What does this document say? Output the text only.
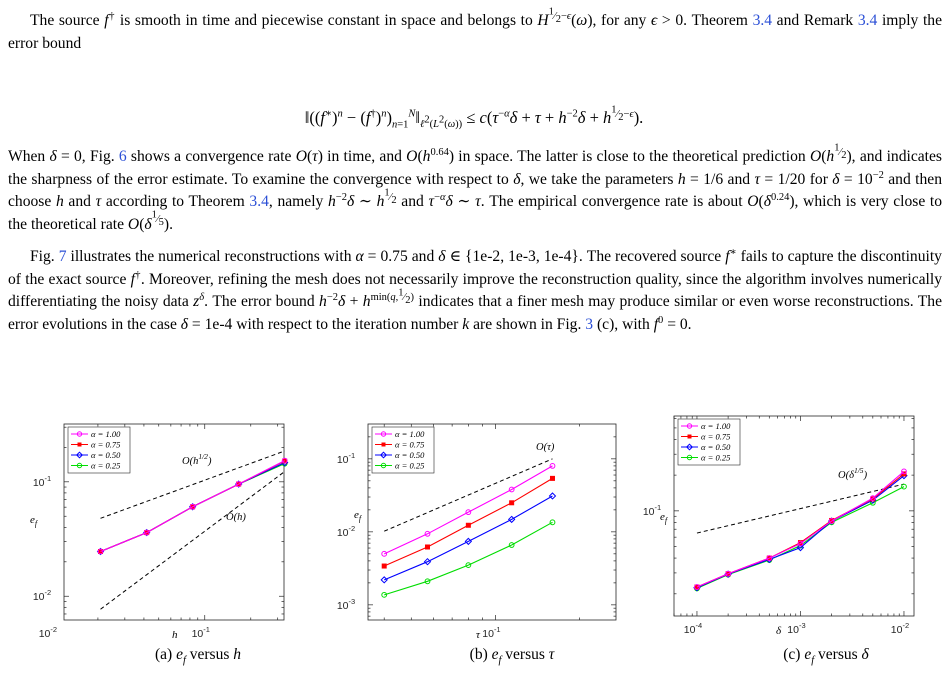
The source f† is smooth in time and piecewise constant in space and belongs to $H^{^1⁄_2-\epsilon}(\omega)$, for any ϵ > 0. Theorem 3.4 and Remark 3.4 imply the error bound

$‖((f^∗)^n$ − $(f^\dagger)^n)_{n=1}^N‖_{\ell^2(L^2(\omega))} \le c(\tau^{-\alpha}\delta + \tau + h^{-2}\delta + h^{^1⁄_2-\epsilon})$.

When δ = 0, Fig. 6 shows a convergence rate O(τ) in time, and $O(h^{0.64})$ in space. The latter is close to the theoretical prediction $O(h^{^1⁄_2})$, and indicates the sharpness of the error estimate. To examine the convergence with respect to δ, we take the parameters h = 1/6 and τ = 1/20 for $\delta = 10^{-2}$ and then choose h and τ according to Theorem 3.4, namely $h^{-2}\delta$ ∼ $h^{^1⁄_2}$ and $\tau^{-\alpha}\delta$ ∼ τ. The empirical convergence rate is about $O(\delta^{0.24})$, which is very close to the theoretical rate $O(\delta^{^1⁄_5})$.

Fig. 7 illustrates the numerical reconstructions with α = 0.75 and δ ∈ {1e-2, 1e-3, 1e-4}. The recovered source f∗ fails to capture the discontinuity of the exact source f†. Moreover, refining the mesh does not necessarily improve the reconstruction quality, since the algorithm involves numerically differentiating the noisy data $z^\delta$. The error bound $h^{-2}\delta + h^{min(q,^1⁄_2)}$ indicates that a finer mesh may produce similar or even worse reconstructions. The error evolutions in the case δ = 1e-4 with respect to the iteration number k are shown in Fig. 3 (c), with $f^0 = 0$.

$10^{-2}$	$10^{-1}$
$10^{-2}$
$10^{-1}$
$e_f$
h
$O(h^{1/2})$
O(h)
α = 1.00
α = 0.75
α = 0.50
α = 0.25
$10^{-1}$
$10^{-3}$
$10^{-2}$
$10^{-1}$
$e_f$
τ
O(τ)
α = 1.00
α = 0.75
α = 0.50
α = 0.25
$10^{-4}$	$10^{-3}$	$10^{-2}$
$10^{-1}$
$e_f$
δ
$O(\delta^{1/5})$
α = 1.00
α = 0.75
α = 0.50
α = 0.25
(a) $e_f$ versus h	(b) $e_f$ versus τ	(c) $e_f$ versus δ
